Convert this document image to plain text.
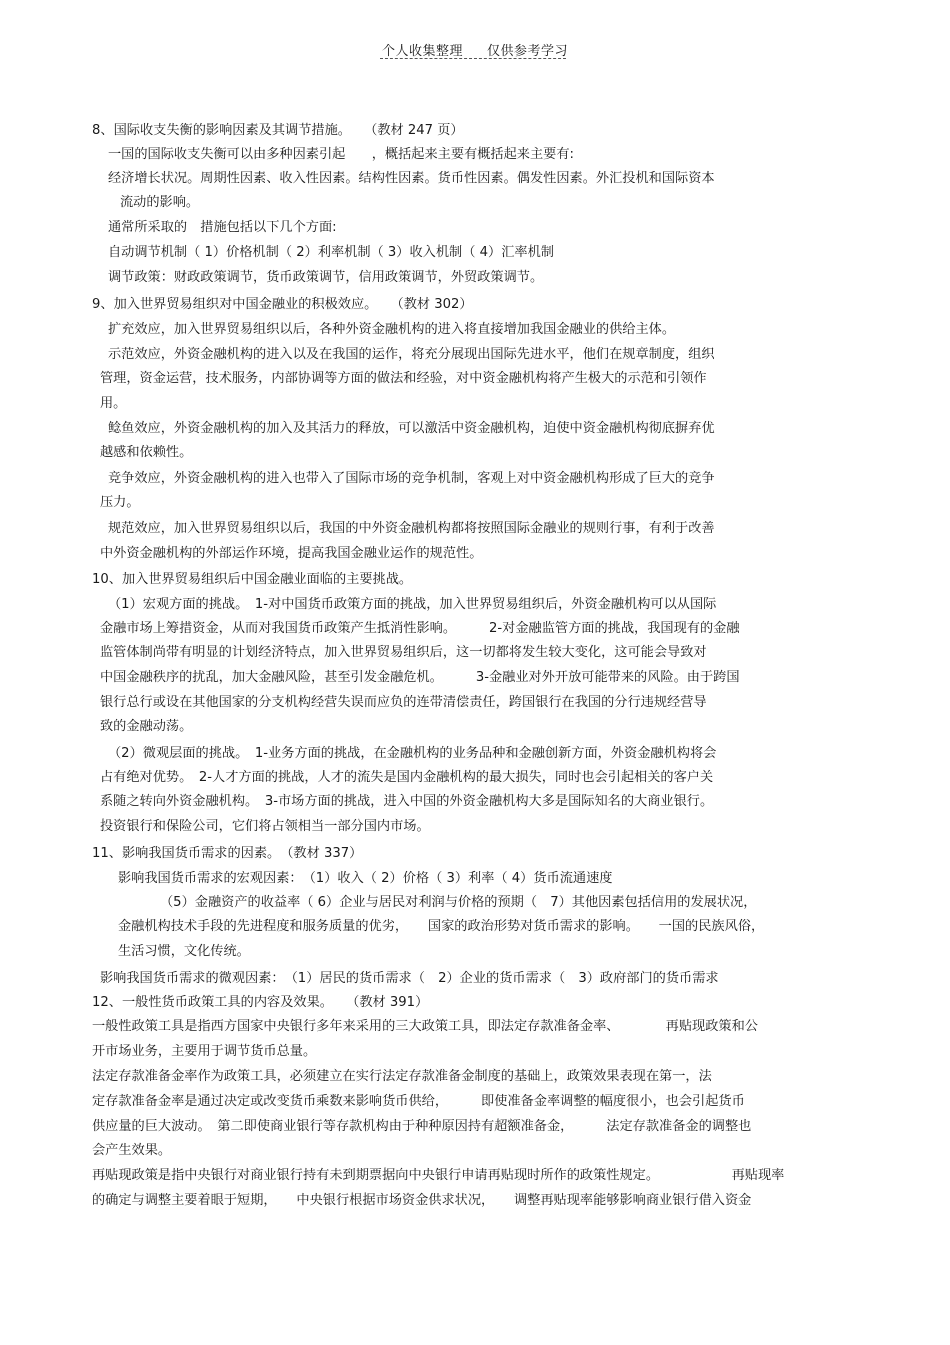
个人收集整理 仅供参考学习
8、国际收支失衡的影响因素及其调节措施。　　（教材 247 页）
一国的国际收支失衡可以由多种因素引起　　，概括起来主要有概括起来主要有:
经济增长状况。周期性因素、收入性因素。结构性因素。货币性因素。偶发性因素。外汇投机和国际资本
流动的影响。
通常所采取的　措施包括以下几个方面:
自动调节机制（ 1）价格机制（ 2）利率机制（ 3）收入机制（ 4）汇率机制
调节政策：财政政策调节，货币政策调节，信用政策调节，外贸政策调节。
9、加入世界贸易组织对中国金融业的积极效应。　　（教材 302）
扩充效应，加入世界贸易组织以后，各种外资金融机构的进入将直接增加我国金融业的供给主体。
示范效应，外资金融机构的进入以及在我国的运作，将充分展现出国际先进水平，他们在规章制度，组织
管理，资金运营，技术服务，内部协调等方面的做法和经验，对中资金融机构将产生极大的示范和引领作
用。
鲶鱼效应，外资金融机构的加入及其活力的释放，可以激活中资金融机构，迫使中资金融机构彻底摒弃优
越感和依赖性。
竞争效应，外资金融机构的进入也带入了国际市场的竞争机制，客观上对中资金融机构形成了巨大的竞争
压力。
规范效应，加入世界贸易组织以后，我国的中外资金融机构都将按照国际金融业的规则行事，有利于改善
中外资金融机构的外部运作环境，提高我国金融业运作的规范性。
10、加入世界贸易组织后中国金融业面临的主要挑战。
（1）宏观方面的挑战。　1-对中国货币政策方面的挑战，加入世界贸易组织后，外资金融机构可以从国际
金融市场上筹措资金，从而对我国货币政策产生抵消性影响。　　　2-对金融监管方面的挑战，我国现有的金融
监管体制尚带有明显的计划经济特点，加入世界贸易组织后，这一切都将发生较大变化，这可能会导致对
中国金融秩序的扰乱，加大金融风险，甚至引发金融危机。　　　3-金融业对外开放可能带来的风险。由于跨国
银行总行或设在其他国家的分支机构经营失误而应负的连带清偿责任，跨国银行在我国的分行违规经营导
致的金融动荡。
（2）微观层面的挑战。　1-业务方面的挑战，在金融机构的业务品种和金融创新方面，外资金融机构将会
占有绝对优势。　2-人才方面的挑战，人才的流失是国内金融机构的最大损失，同时也会引起相关的客户关
系随之转向外资金融机构。　3-市场方面的挑战，进入中国的外资金融机构大多是国际知名的大商业银行。
投资银行和保险公司，它们将占领相当一部分国内市场。
11、影响我国货币需求的因素。　（教材 337）
影响我国货币需求的宏观因素：　（1）收入（ 2）价格（ 3）利率（ 4）货币流通速度
（5）金融资产的收益率（ 6）企业与居民对利润与价格的预期（　7）其他因素包括信用的发展状况，
金融机构技术手段的先进程度和服务质量的优劣，　　国家的政治形势对货币需求的影响。　　一国的民族风俗，
生活习惯，文化传统。
影响我国货币需求的微观因素：　（1）居民的货币需求（　2）企业的货币需求（　3）政府部门的货币需求
12、一般性货币政策工具的内容及效果。　　（教材 391）
一般性政策工具是指西方国家中央银行多年来采用的三大政策工具，即法定存款准备金率、　　　　再贴现政策和公
开市场业务，主要用于调节货币总量。
法定存款准备金率作为政策工具，必须建立在实行法定存款准备金制度的基础上，政策效果表现在第一，法
定存款准备金率是通过决定或改变货币乘数来影响货币供给，　　　即使准备金率调整的幅度很小，也会引起货币
供应量的巨大波动。　第二即使商业银行等存款机构由于种种原因持有超额准备金，　　　法定存款准备金的调整也
会产生效果。
再贴现政策是指中央银行对商业银行持有未到期票据向中央银行申请再贴现时所作的政策性规定。　　　　　　再贴现率
的确定与调整主要着眼于短期，　　中央银行根据市场资金供求状况，　　调整再贴现率能够影响商业银行借入资金
